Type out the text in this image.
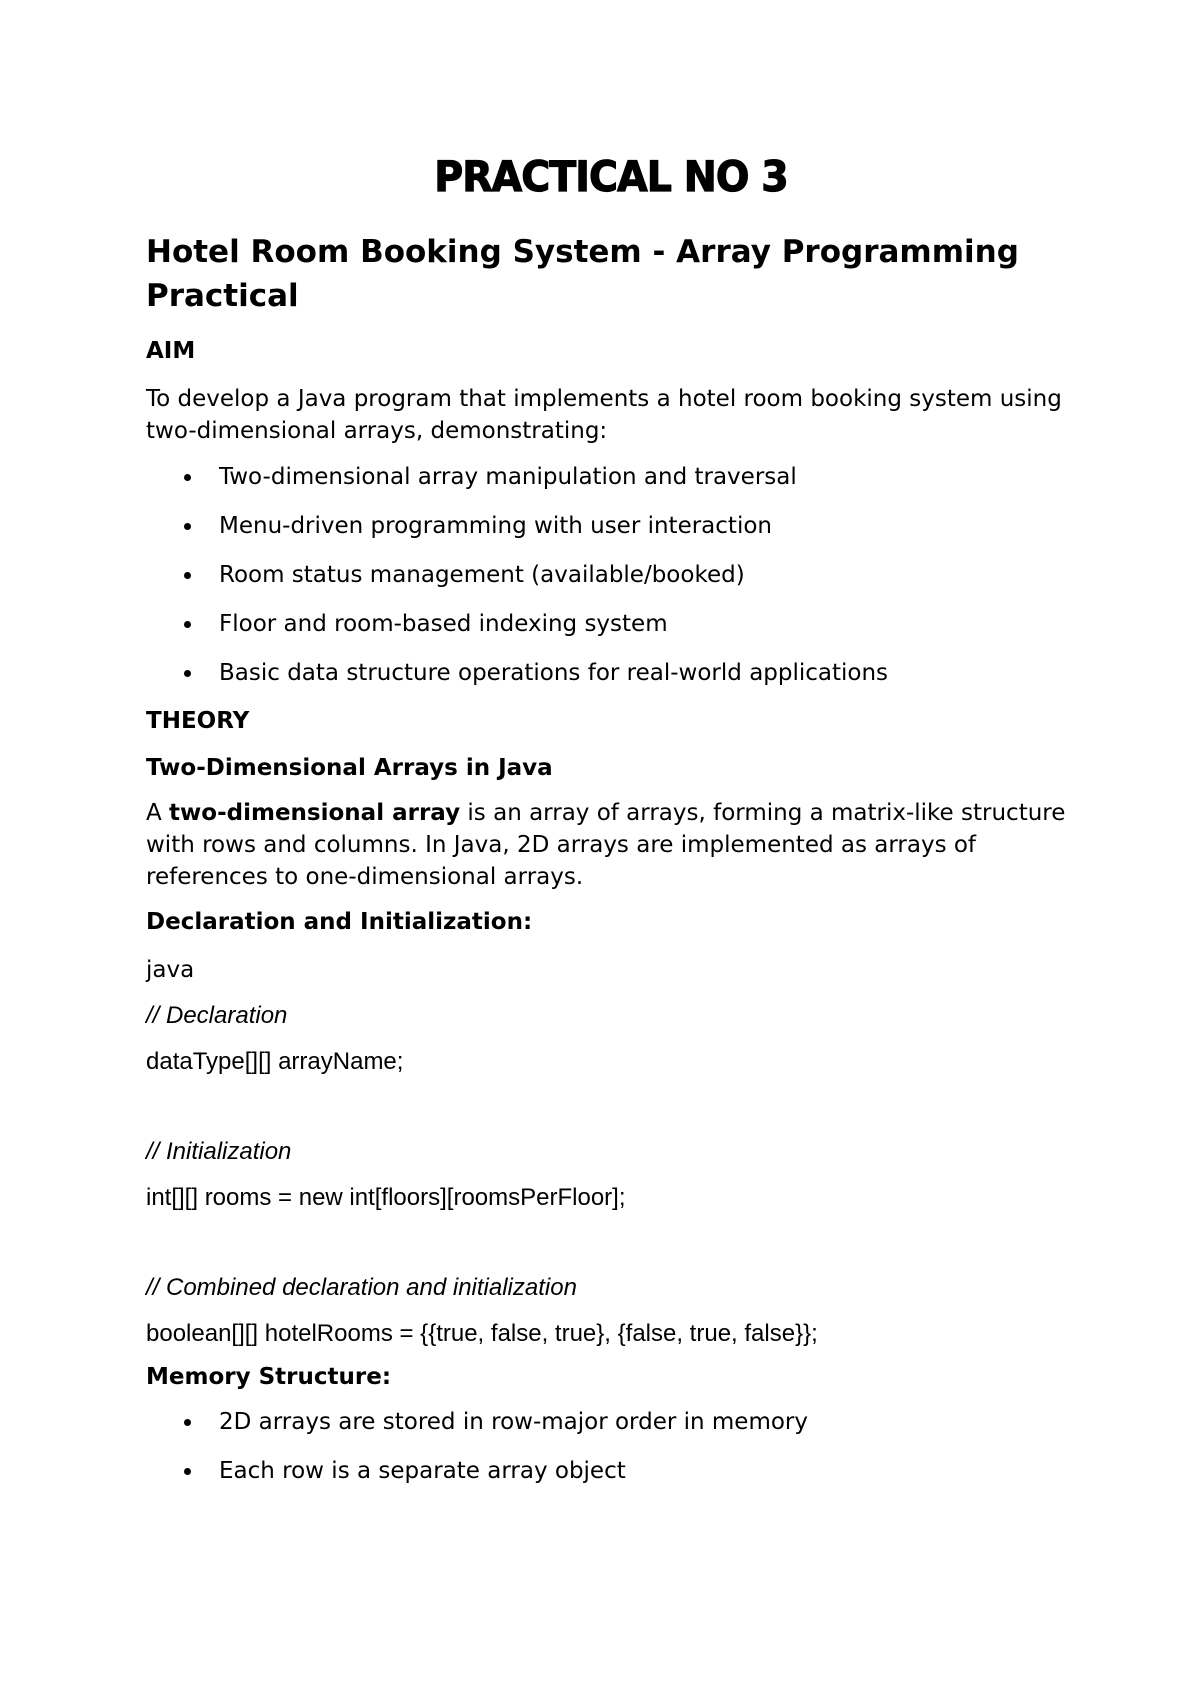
PRACTICAL NO 3
Hotel Room Booking System - Array Programming Practical
AIM

To develop a Java program that implements a hotel room booking system using two-dimensional arrays, demonstrating:

Two-dimensional array manipulation and traversal
Menu-driven programming with user interaction
Room status management (available/booked)
Floor and room-based indexing system
Basic data structure operations for real-world applications
THEORY
Two-Dimensional Arrays in Java

A two-dimensional array is an array of arrays, forming a matrix-like structure with rows and columns. In Java, 2D arrays are implemented as arrays of references to one-dimensional arrays.

Declaration and Initialization:

java

// Declaration

dataType[][] arrayName;

// Initialization

int[][] rooms = new int[floors][roomsPerFloor];

// Combined declaration and initialization

boolean[][] hotelRooms = {{true, false, true}, {false, true, false}};

Memory Structure:
2D arrays are stored in row-major order in memory
Each row is a separate array object
